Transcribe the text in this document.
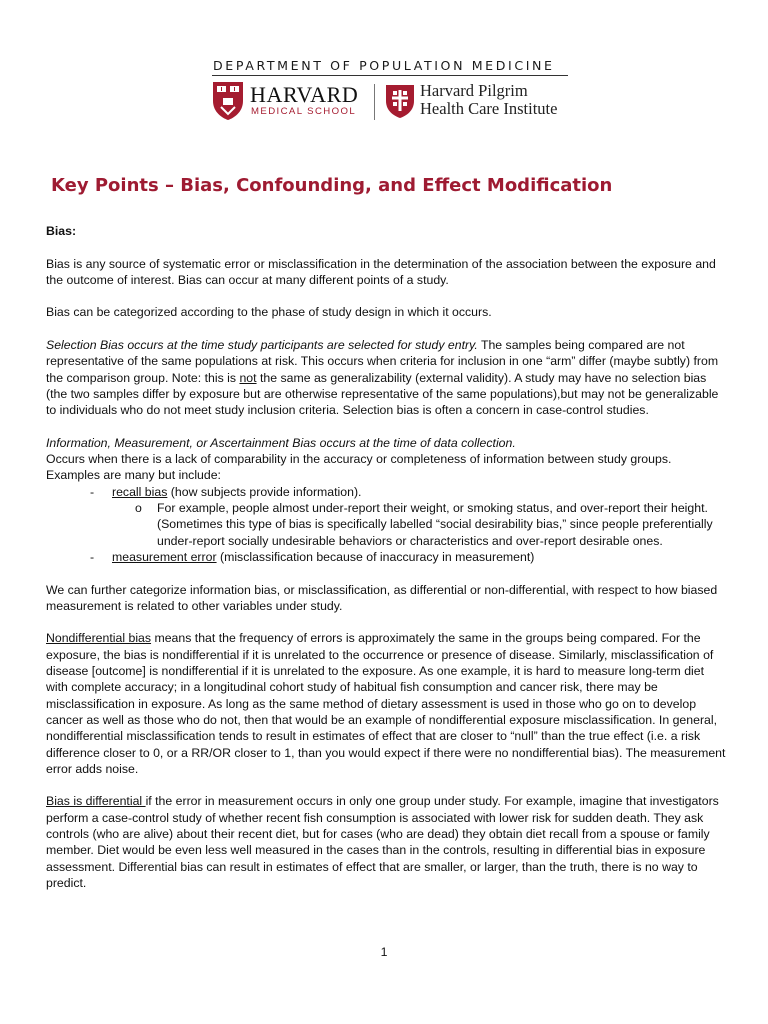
DEPARTMENT OF POPULATION MEDICINE
HARVARD
MEDICAL SCHOOL
Harvard Pilgrim
Health Care Institute
Key Points – Bias, Confounding, and Effect Modification

Bias:

Bias is any source of systematic error or misclassification in the determination of the association between the exposure and the outcome of interest. Bias can occur at many different points of a study.

Bias can be categorized according to the phase of study design in which it occurs.

Selection Bias occurs at the time study participants are selected for study entry. The samples being compared are not representative of the same populations at risk. This occurs when criteria for inclusion in one “arm” differ (maybe subtly) from the comparison group. Note: this is not the same as generalizability (external validity). A study may have no selection bias (the two samples differ by exposure but are otherwise representative of the same populations),but may not be generalizable to individuals who do not meet study inclusion criteria. Selection bias is often a concern in case-control studies.

Information, Measurement, or Ascertainment Bias occurs at the time of data collection.
Occurs when there is a lack of comparability in the accuracy or completeness of information between study groups. Examples are many but include:
- recall bias (how subjects provide information).
o For example, people almost under-report their weight, or smoking status, and over-report their height. (Sometimes this type of bias is specifically labelled “social desirability bias,” since people preferentially under-report socially undesirable behaviors or characteristics and over-report desirable ones.
- measurement error (misclassification because of inaccuracy in measurement)

We can further categorize information bias, or misclassification, as differential or non-differential, with respect to how biased measurement is related to other variables under study.

Nondifferential bias means that the frequency of errors is approximately the same in the groups being compared. For the exposure, the bias is nondifferential if it is unrelated to the occurrence or presence of disease. Similarly, misclassification of disease [outcome] is nondifferential if it is unrelated to the exposure. As one example, it is hard to measure long-term diet with complete accuracy; in a longitudinal cohort study of habitual fish consumption and cancer risk, there may be misclassification in exposure. As long as the same method of dietary assessment is used in those who go on to develop cancer as well as those who do not, then that would be an example of nondifferential exposure misclassification. In general, nondifferential misclassification tends to result in estimates of effect that are closer to “null” than the true effect (i.e. a risk difference closer to 0, or a RR/OR closer to 1, than you would expect if there were no nondifferential bias). The measurement error adds noise.

Bias is differential if the error in measurement occurs in only one group under study. For example, imagine that investigators perform a case-control study of whether recent fish consumption is associated with lower risk for sudden death. They ask controls (who are alive) about their recent diet, but for cases (who are dead) they obtain diet recall from a spouse or family member. Diet would be even less well measured in the cases than in the controls, resulting in differential bias in exposure assessment. Differential bias can result in estimates of effect that are smaller, or larger, than the truth, there is no way to predict.

1
